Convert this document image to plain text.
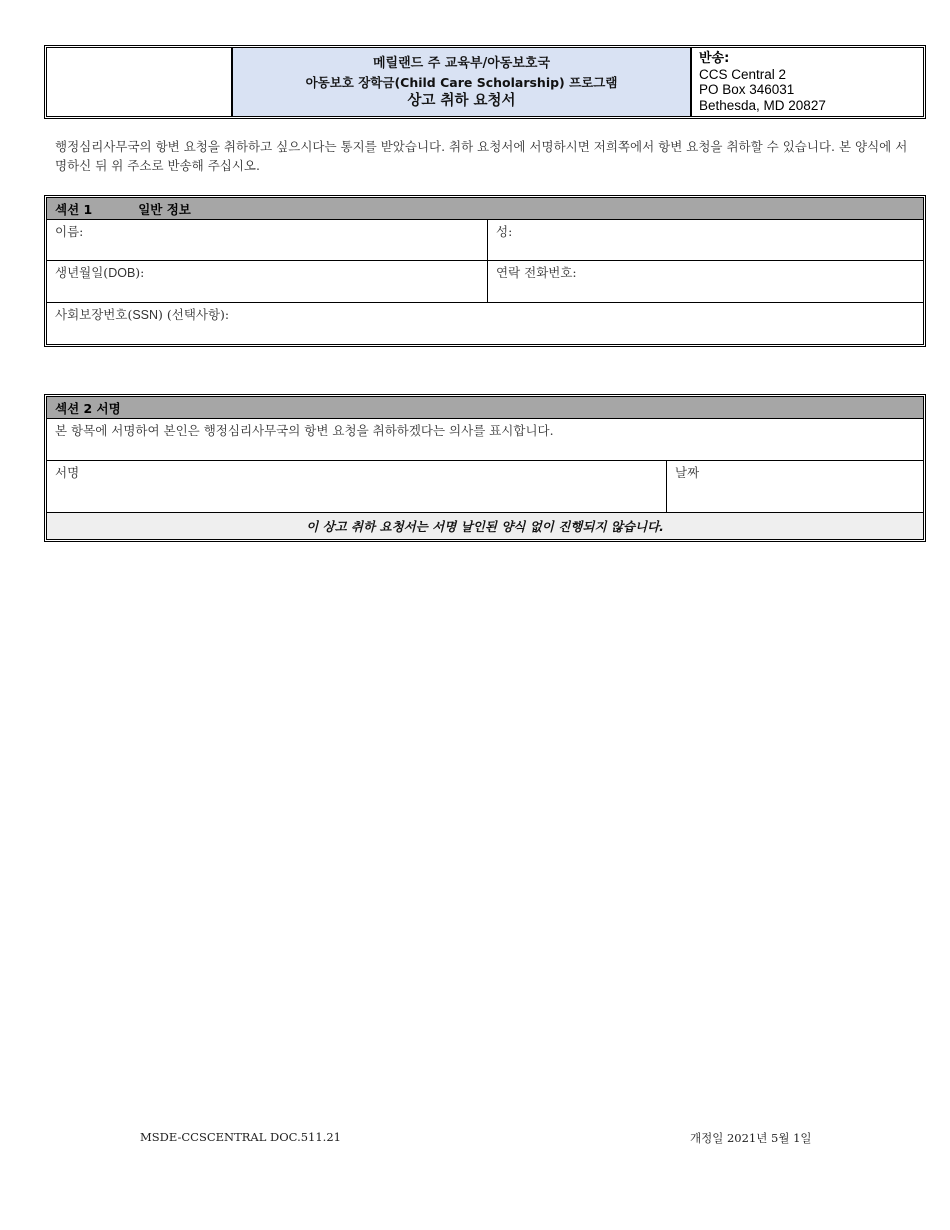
메릴랜드 주 교육부/아동보호국
아동보호 장학금(Child Care Scholarship) 프로그램
상고 취하 요청서
반송:
CCS Central 2
PO Box 346031
Bethesda, MD 20827
행정심리사무국의 항변 요청을 취하하고 싶으시다는 통지를 받았습니다. 취하 요청서에 서명하시면 저희쪽에서 항변 요청을 취하할 수 있습니다. 본 양식에 서명하신 뒤 위 주소로 반송해 주십시오.
섹션 1	일반 정보
이름:	성:
생년월일(DOB):	연락 전화번호:
사회보장번호(SSN) (선택사항):
섹션 2 서명
본 항목에 서명하여 본인은 행정심리사무국의 항변 요청을 취하하겠다는 의사를 표시합니다.
서명	날짜
이 상고 취하 요청서는 서명 날인된 양식 없이 진행되지 않습니다.
MSDE-CCSCENTRAL DOC.511.21	개정일 2021년 5월 1일
